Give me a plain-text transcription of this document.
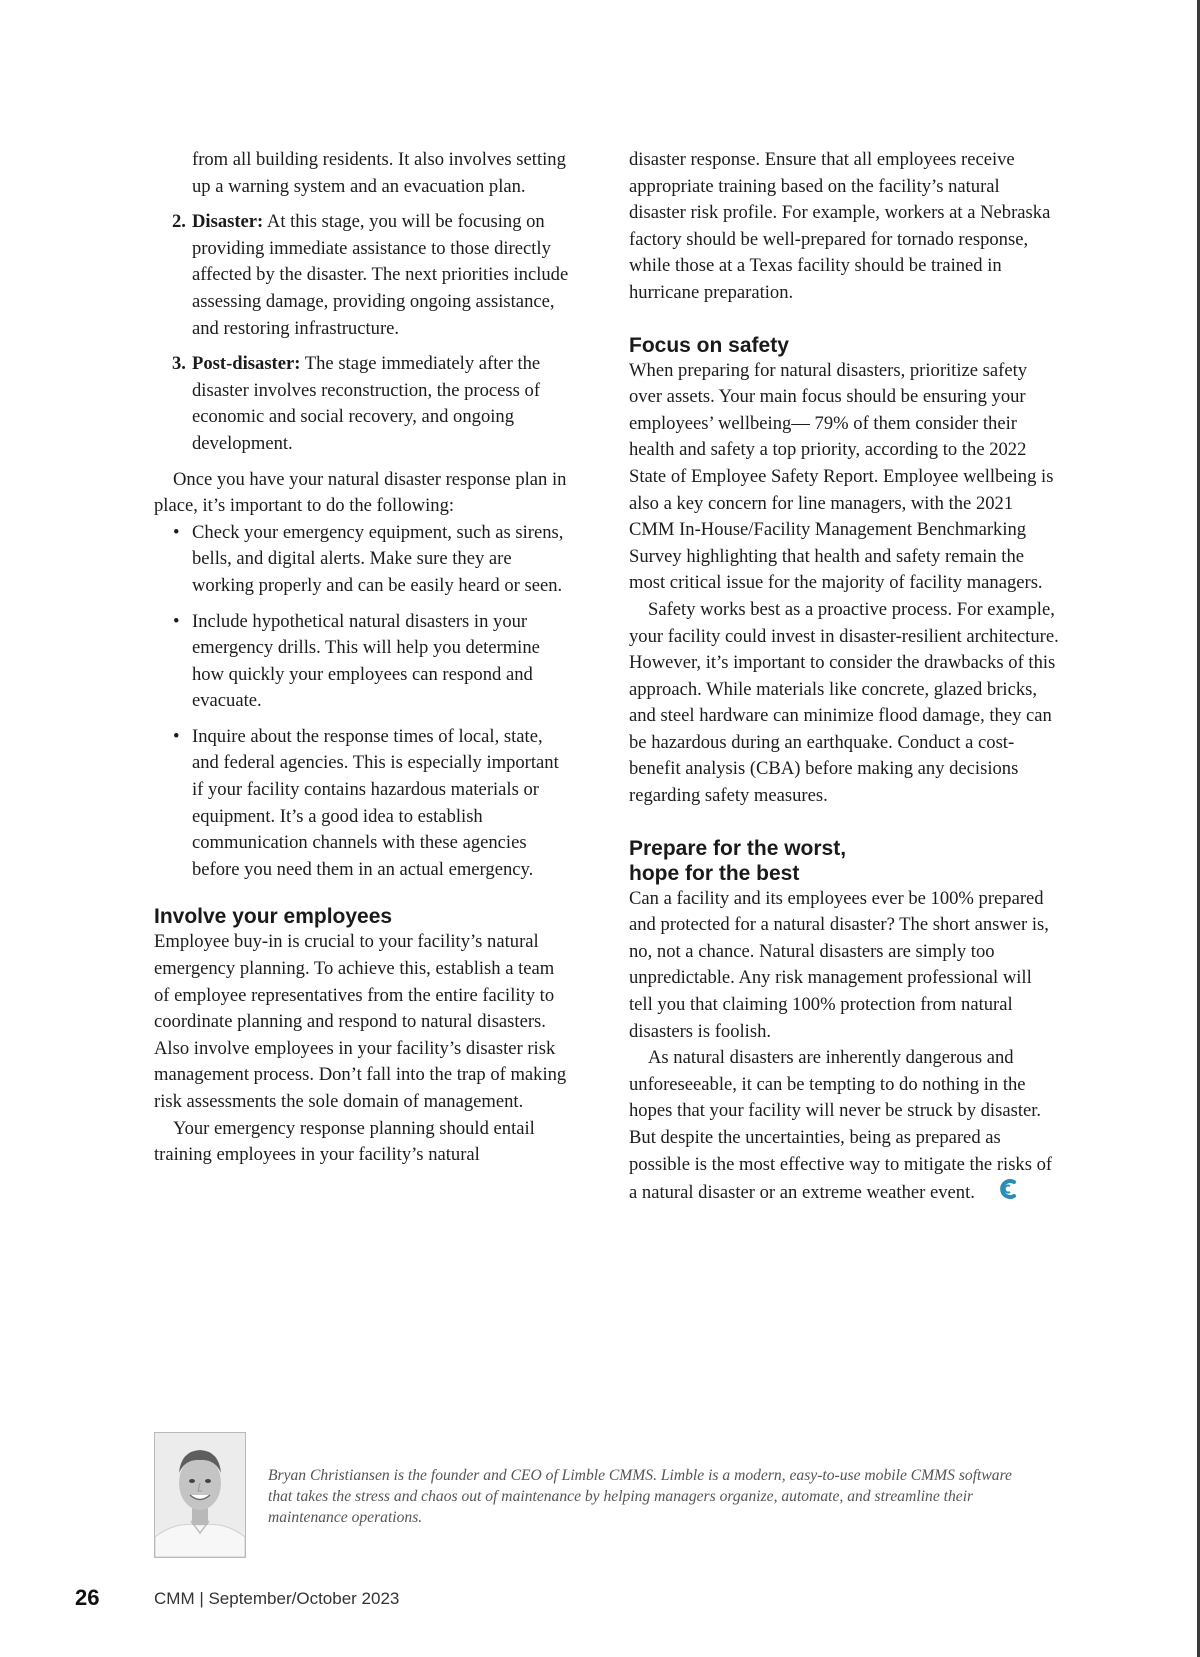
from all building residents. It also involves setting up a warning system and an evacuation plan.
2. Disaster: At this stage, you will be focusing on providing immediate assistance to those directly affected by the disaster. The next priorities include assessing damage, providing ongoing assistance, and restoring infrastructure.
3. Post-disaster: The stage immediately after the disaster involves reconstruction, the process of economic and social recovery, and ongoing development.

Once you have your natural disaster response plan in place, it’s important to do the following:

• Check your emergency equipment, such as sirens, bells, and digital alerts. Make sure they are working properly and can be easily heard or seen.
• Include hypothetical natural disasters in your emergency drills. This will help you determine how quickly your employees can respond and evacuate.
• Inquire about the response times of local, state, and federal agencies. This is especially important if your facility contains hazardous materials or equipment. It’s a good idea to establish communication channels with these agencies before you need them in an actual emergency.
Involve your employees

Employee buy-in is crucial to your facility’s natural emergency planning. To achieve this, establish a team of employee representatives from the entire facility to coordinate planning and respond to natural disasters. Also involve employees in your facility’s disaster risk management process. Don’t fall into the trap of making risk assessments the sole domain of management.

Your emergency response planning should entail training employees in your facility’s natural

disaster response. Ensure that all employees receive appropriate training based on the facility’s natural disaster risk profile. For example, workers at a Nebraska factory should be well-prepared for tornado response, while those at a Texas facility should be trained in hurricane preparation.

Focus on safety

When preparing for natural disasters, prioritize safety over assets. Your main focus should be ensuring your employees’ wellbeing— 79% of them consider their health and safety a top priority, according to the 2022 State of Employee Safety Report. Employee wellbeing is also a key concern for line managers, with the 2021 CMM In-House/Facility Management Benchmarking Survey highlighting that health and safety remain the most critical issue for the majority of facility managers.

Safety works best as a proactive process. For example, your facility could invest in disaster-resilient architecture. However, it’s important to consider the drawbacks of this approach. While materials like concrete, glazed bricks, and steel hardware can minimize flood damage, they can be hazardous during an earthquake. Conduct a cost-benefit analysis (CBA) before making any decisions regarding safety measures.

Prepare for the worst,
hope for the best

Can a facility and its employees ever be 100% prepared and protected for a natural disaster? The short answer is, no, not a chance. Natural disasters are simply too unpredictable. Any risk management professional will tell you that claiming 100% protection from natural disasters is foolish.

As natural disasters are inherently dangerous and unforeseeable, it can be tempting to do nothing in the hopes that your facility will never be struck by disaster. But despite the uncertainties, being as prepared as possible is the most effective way to mitigate the risks of a natural disaster or an extreme weather event.

Bryan Christiansen is the founder and CEO of Limble CMMS. Limble is a modern, easy-to-use mobile CMMS software that takes the stress and chaos out of maintenance by helping managers organize, automate, and streamline their maintenance operations.
26	CMM | September/October 2023
